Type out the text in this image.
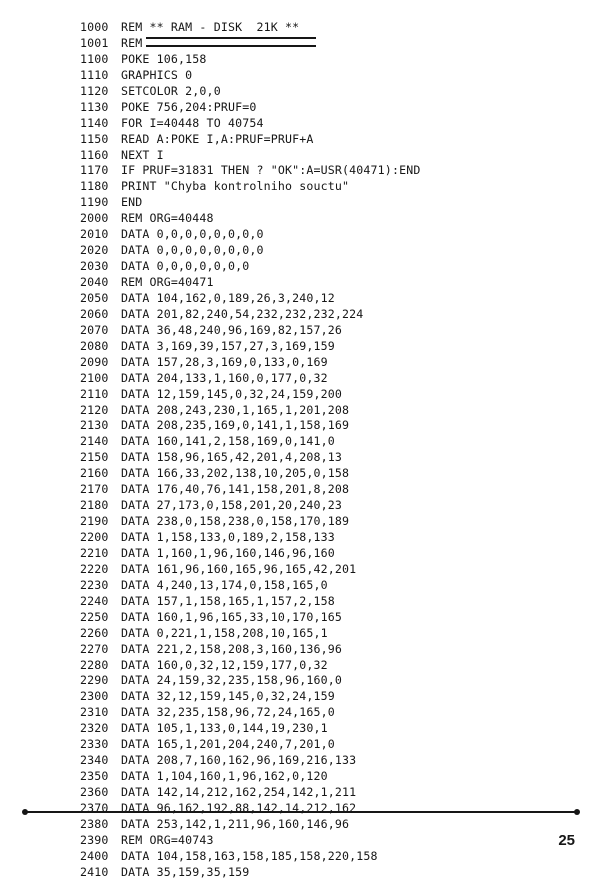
1000 REM ** RAM - DISK  21K **
1001 REM
1100 POKE 106,158
1110 GRAPHICS 0
1120 SETCOLOR 2,0,0
1130 POKE 756,204:PRUF=0
1140 FOR I=40448 TO 40754
1150 READ A:POKE I,A:PRUF=PRUF+A
1160 NEXT I
1170 IF PRUF=31831 THEN ? "OK":A=USR(40471):END
1180 PRINT "Chyba kontrolniho souctu"
1190 END
2000 REM ORG=40448
2010 DATA 0,0,0,0,0,0,0,0
2020 DATA 0,0,0,0,0,0,0,0
2030 DATA 0,0,0,0,0,0,0
2040 REM ORG=40471
2050 DATA 104,162,0,189,26,3,240,12
2060 DATA 201,82,240,54,232,232,232,224
2070 DATA 36,48,240,96,169,82,157,26
2080 DATA 3,169,39,157,27,3,169,159
2090 DATA 157,28,3,169,0,133,0,169
2100 DATA 204,133,1,160,0,177,0,32
2110 DATA 12,159,145,0,32,24,159,200
2120 DATA 208,243,230,1,165,1,201,208
2130 DATA 208,235,169,0,141,1,158,169
2140 DATA 160,141,2,158,169,0,141,0
2150 DATA 158,96,165,42,201,4,208,13
2160 DATA 166,33,202,138,10,205,0,158
2170 DATA 176,40,76,141,158,201,8,208
2180 DATA 27,173,0,158,201,20,240,23
2190 DATA 238,0,158,238,0,158,170,189
2200 DATA 1,158,133,0,189,2,158,133
2210 DATA 1,160,1,96,160,146,96,160
2220 DATA 161,96,160,165,96,165,42,201
2230 DATA 4,240,13,174,0,158,165,0
2240 DATA 157,1,158,165,1,157,2,158
2250 DATA 160,1,96,165,33,10,170,165
2260 DATA 0,221,1,158,208,10,165,1
2270 DATA 221,2,158,208,3,160,136,96
2280 DATA 160,0,32,12,159,177,0,32
2290 DATA 24,159,32,235,158,96,160,0
2300 DATA 32,12,159,145,0,32,24,159
2310 DATA 32,235,158,96,72,24,165,0
2320 DATA 105,1,133,0,144,19,230,1
2330 DATA 165,1,201,204,240,7,201,0
2340 DATA 208,7,160,162,96,169,216,133
2350 DATA 1,104,160,1,96,162,0,120
2360 DATA 142,14,212,162,254,142,1,211
2370 DATA 96,162,192,88,142,14,212,162
2380 DATA 253,142,1,211,96,160,146,96
2390 REM ORG=40743
2400 DATA 104,158,163,158,185,158,220,158
2410 DATA 35,159,35,159
25
